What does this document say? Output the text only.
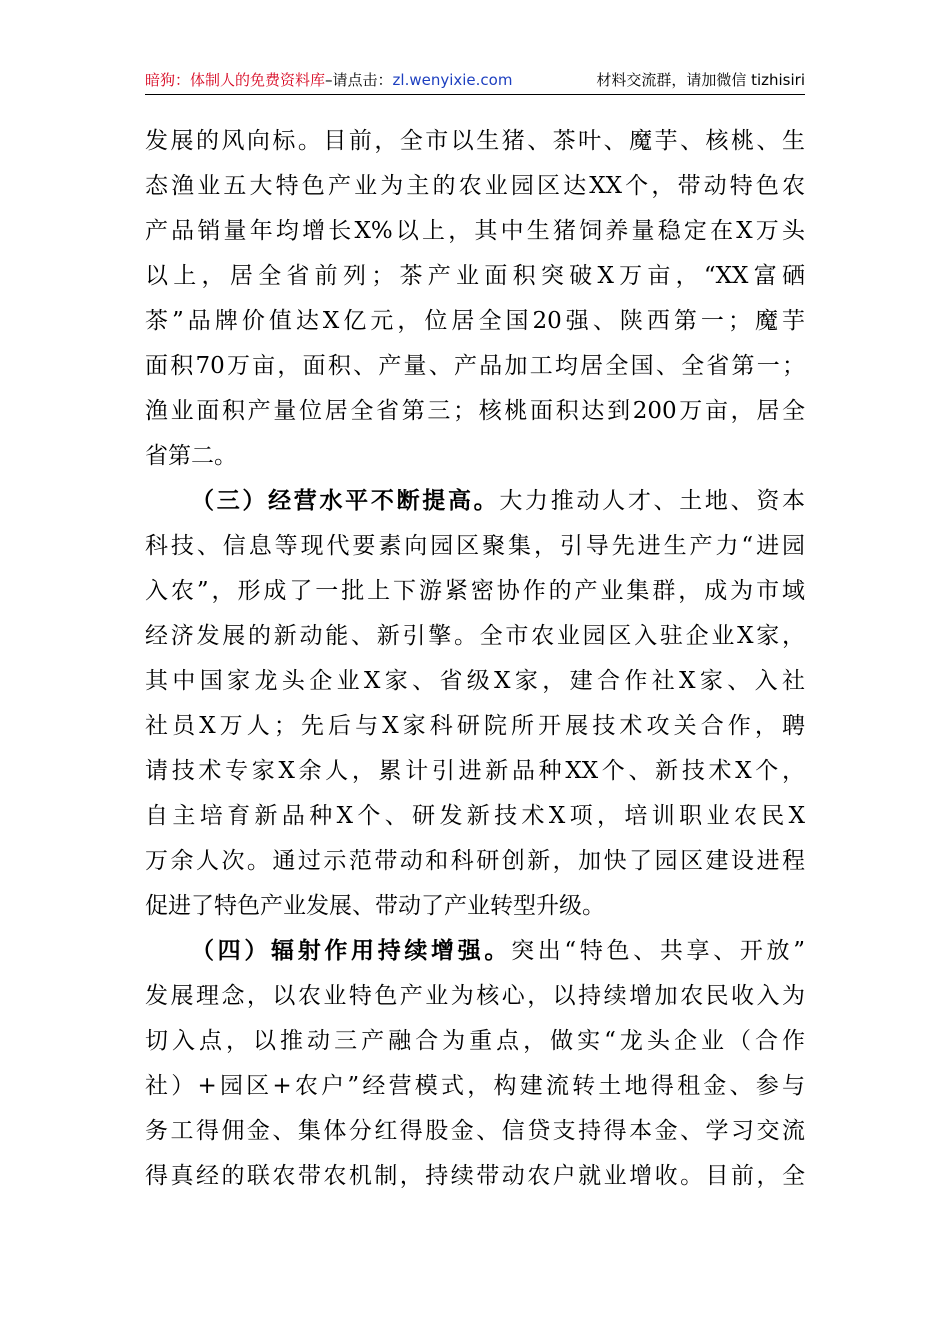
暗狗：体制人的免费资料库 –请点击： zl.wenyixie.com	材料交流群，请加微信 tizhisiri
发展的风向标。目前，全市以生猪、茶叶、魔芋、核桃、生
态渔业五大特色产业为主的农业园区达XX个，带动特色农
产品销量年均增长X%以上，其中生猪饲养量稳定在X万头
以上，居全省前列；茶产业面积突破X万亩，“XX富硒
茶”品牌价值达X亿元，位居全国20强、陕西第一；魔芋
面积70万亩，面积、产量、产品加工均居全国、全省第一；
渔业面积产量位居全省第三；核桃面积达到200万亩，居全
省第二。
（三）经营水平不断提高。大力推动人才、土地、资本
科技、信息等现代要素向园区聚集，引导先进生产力“进园
入农”，形成了一批上下游紧密协作的产业集群，成为市域
经济发展的新动能、新引擎。全市农业园区入驻企业X家，
其中国家龙头企业X家、省级X家，建合作社X家、入社
社员X万人；先后与X家科研院所开展技术攻关合作，聘
请技术专家X余人，累计引进新品种XX个、新技术X个，
自主培育新品种X个、研发新技术X项，培训职业农民X
万余人次。通过示范带动和科研创新，加快了园区建设进程
促进了特色产业发展、带动了产业转型升级。
（四）辐射作用持续增强。突出“特色、共享、开放”
发展理念，以农业特色产业为核心，以持续增加农民收入为
切入点，以推动三产融合为重点，做实“龙头企业（合作
社）+园区+农户”经营模式，构建流转土地得租金、参与
务工得佣金、集体分红得股金、信贷支持得本金、学习交流
得真经的联农带农机制，持续带动农户就业增收。目前，全
